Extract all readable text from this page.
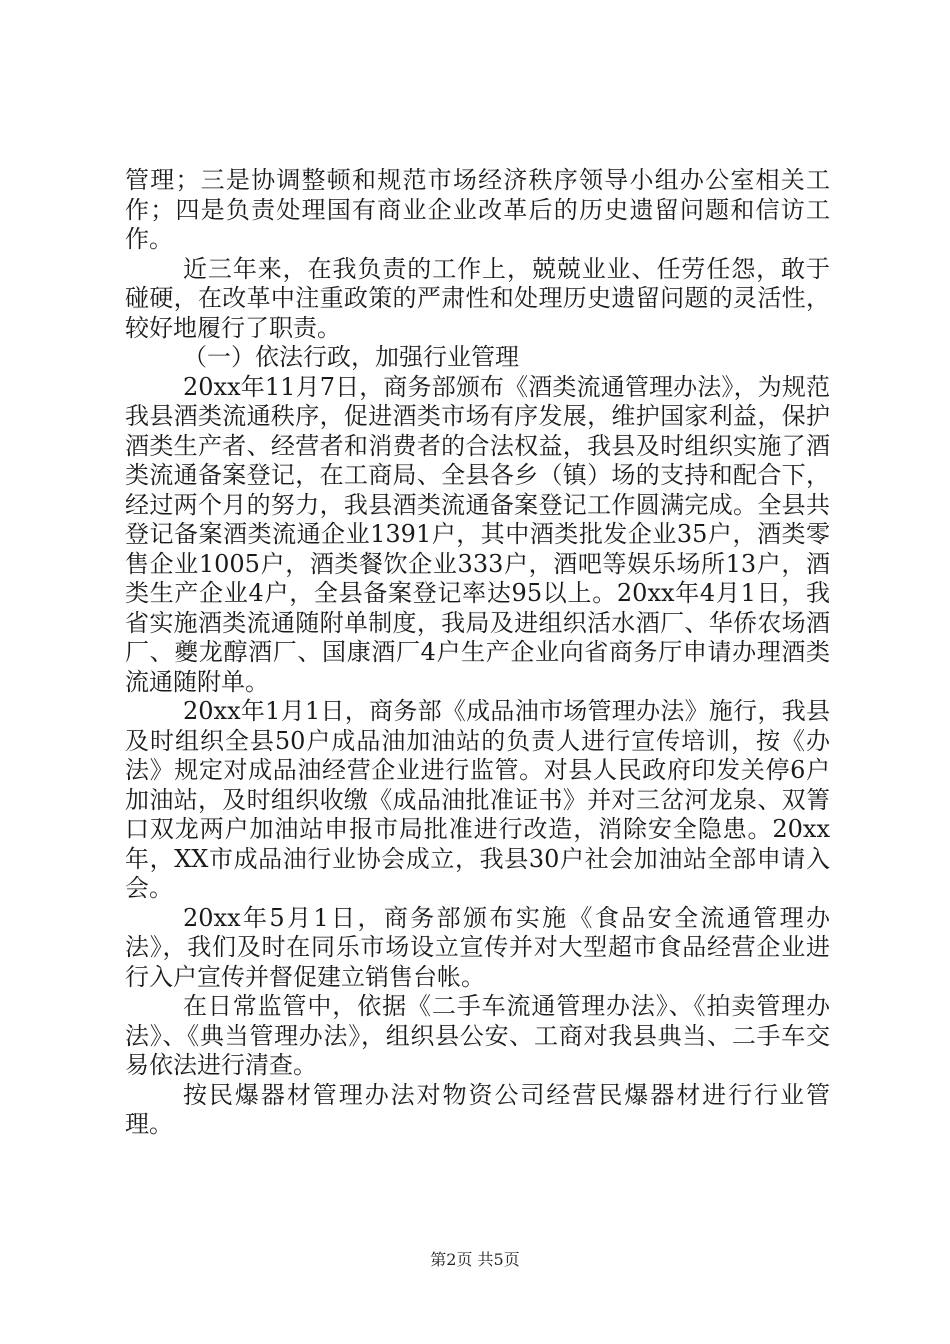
管理；三是协调整顿和规范市场经济秩序领导小组办公室相关工作；四是负责处理国有商业企业改革后的历史遗留问题和信访工作。

近三年来，在我负责的工作上，兢兢业业、任劳任怨，敢于碰硬，在改革中注重政策的严肃性和处理历史遗留问题的灵活性，较好地履行了职责。

（一）依法行政，加强行业管理

20xx年11月7日，商务部颁布《酒类流通管理办法》，为规范我县酒类流通秩序，促进酒类市场有序发展，维护国家利益，保护酒类生产者、经营者和消费者的合法权益，我县及时组织实施了酒类流通备案登记，在工商局、全县各乡（镇）场的支持和配合下，经过两个月的努力，我县酒类流通备案登记工作圆满完成。全县共登记备案酒类流通企业1391户，其中酒类批发企业35户，酒类零售企业1005户，酒类餐饮企业333户，酒吧等娱乐场所13户，酒类生产企业4户，全县备案登记率达95以上。20xx年4月1日，我省实施酒类流通随附单制度，我局及进组织活水酒厂、华侨农场酒厂、夔龙醇酒厂、国康酒厂4户生产企业向省商务厅申请办理酒类流通随附单。

20xx年1月1日，商务部《成品油市场管理办法》施行，我县及时组织全县50户成品油加油站的负责人进行宣传培训，按《办法》规定对成品油经营企业进行监管。对县人民政府印发关停6户加油站，及时组织收缴《成品油批准证书》并对三岔河龙泉、双箐口双龙两户加油站申报市局批准进行改造，消除安全隐患。20xx年，XX市成品油行业协会成立，我县30户社会加油站全部申请入会。

20xx年5月1日，商务部颁布实施《食品安全流通管理办法》，我们及时在同乐市场设立宣传并对大型超市食品经营企业进行入户宣传并督促建立销售台帐。

在日常监管中，依据《二手车流通管理办法》、《拍卖管理办法》、《典当管理办法》，组织县公安、工商对我县典当、二手车交易依法进行清查。

按民爆器材管理办法对物资公司经营民爆器材进行行业管理。

第2页 共5页
